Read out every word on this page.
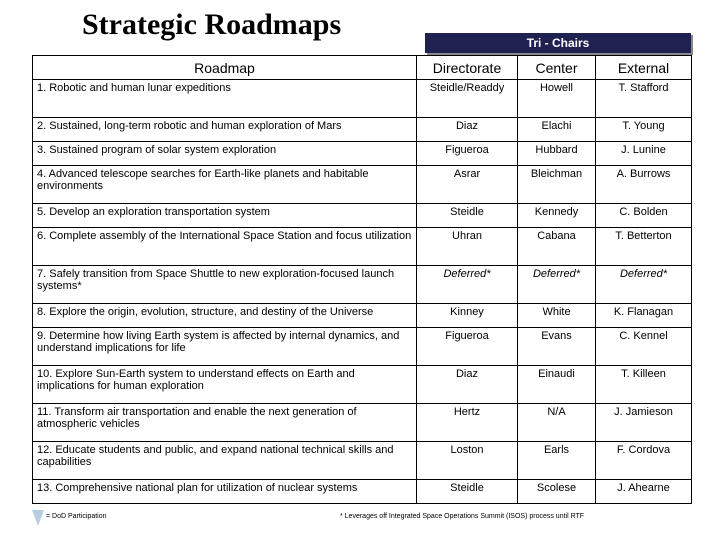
Strategic Roadmaps
Tri - Chairs
Roadmap	Directorate	Center	External
1. Robotic and human lunar expeditions	Steidle/Readdy	Howell	T. Stafford
2. Sustained, long-term robotic and human exploration of Mars	Diaz	Elachi	T. Young
3. Sustained program of solar system exploration	Figueroa	Hubbard	J. Lunine
4. Advanced telescope searches for Earth-like planets and habitable environments	Asrar	Bleichman	A. Burrows
5. Develop an exploration transportation system	Steidle	Kennedy	C. Bolden
6. Complete assembly of the International Space Station and focus utilization	Uhran	Cabana	T. Betterton
7. Safely transition from Space Shuttle to new exploration-focused launch systems*	Deferred*	Deferred*	Deferred*
8. Explore the origin, evolution, structure, and destiny of the Universe	Kinney	White	K. Flanagan
9. Determine how living Earth system is affected by internal dynamics, and understand implications for life	Figueroa	Evans	C. Kennel
10. Explore Sun-Earth system to understand effects on Earth and implications for human exploration	Diaz	Einaudi	T. Killeen
11. Transform air transportation and enable the next generation of atmospheric vehicles	Hertz	N/A	J. Jamieson
12. Educate students and public, and expand national technical skills and capabilities	Loston	Earls	F. Cordova
13. Comprehensive national plan for utilization of nuclear systems	Steidle	Scolese	J. Ahearne
= DoD Participation	* Leverages off Integrated Space Operations Summit (ISOS) process until RTF
